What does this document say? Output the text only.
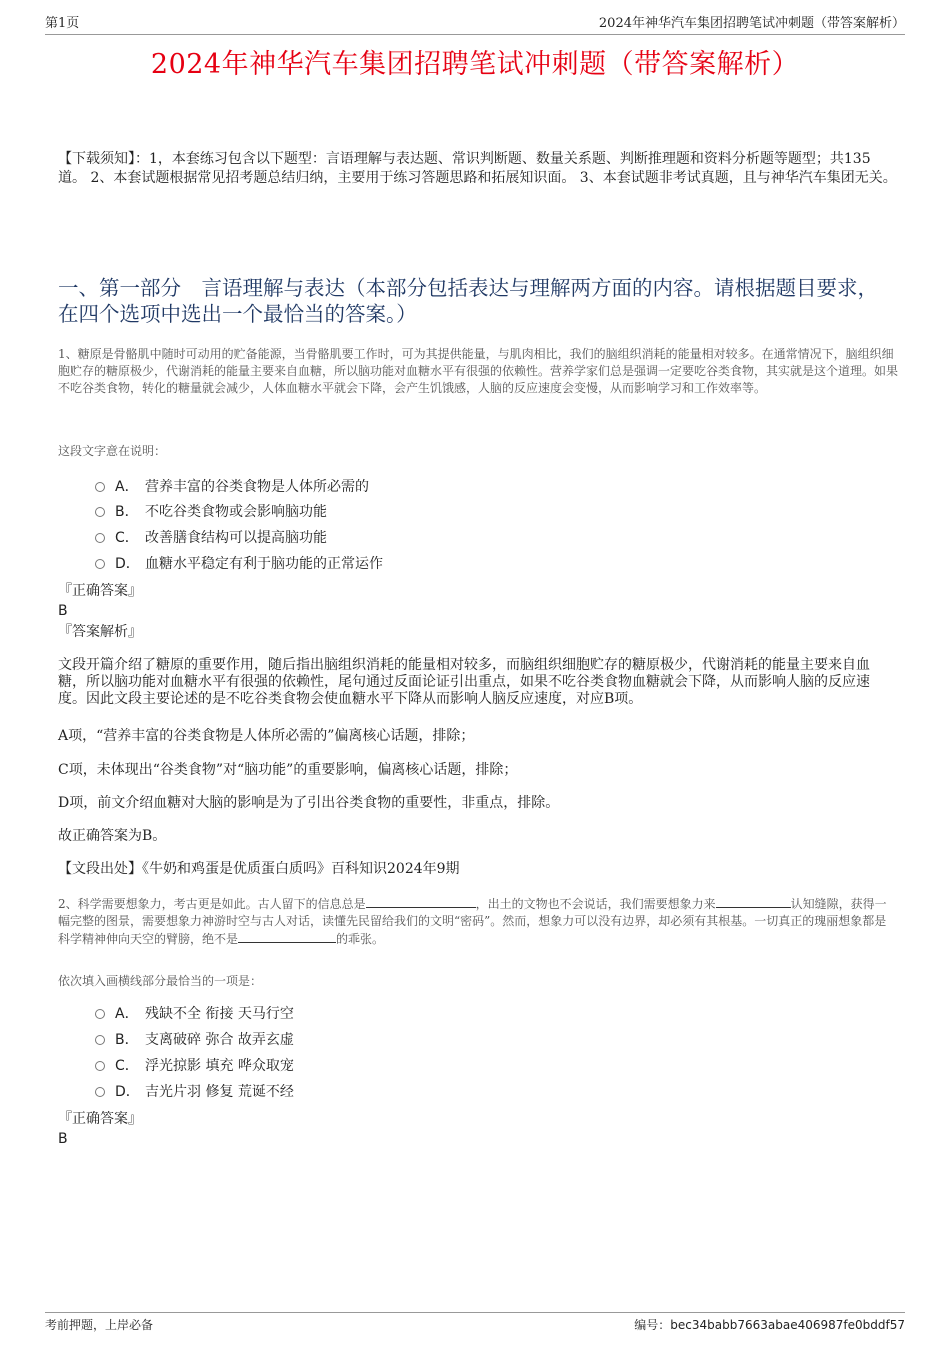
第1页	2024年神华汽车集团招聘笔试冲刺题（带答案解析）
2024年神华汽车集团招聘笔试冲刺题（带答案解析）
【下载须知】：1，本套练习包含以下题型：言语理解与表达题、常识判断题、数量关系题、判断推理题和资料分析题等题型；共135道。 2、本套试题根据常见招考题总结归纳，主要用于练习答题思路和拓展知识面。 3、本套试题非考试真题，且与神华汽车集团无关。
一、第一部分　言语理解与表达（本部分包括表达与理解两方面的内容。请根据题目要求，在四个选项中选出一个最恰当的答案。）
1、糖原是骨骼肌中随时可动用的贮备能源，当骨骼肌要工作时，可为其提供能量，与肌肉相比，我们的脑组织消耗的能量相对较多。在通常情况下，脑组织细胞贮存的糖原极少，代谢消耗的能量主要来自血糖，所以脑功能对血糖水平有很强的依赖性。营养学家们总是强调一定要吃谷类食物，其实就是这个道理。如果不吃谷类食物，转化的糖量就会减少，人体血糖水平就会下降，会产生饥饿感，人脑的反应速度会变慢，从而影响学习和工作效率等。
这段文字意在说明：
A． 营养丰富的谷类食物是人体所必需的
B． 不吃谷类食物或会影响脑功能
C． 改善膳食结构可以提高脑功能
D． 血糖水平稳定有利于脑功能的正常运作
『正确答案』
B
『答案解析』
文段开篇介绍了糖原的重要作用，随后指出脑组织消耗的能量相对较多，而脑组织细胞贮存的糖原极少，代谢消耗的能量主要来自血糖，所以脑功能对血糖水平有很强的依赖性，尾句通过反面论证引出重点，如果不吃谷类食物血糖就会下降，从而影响人脑的反应速度。因此文段主要论述的是不吃谷类食物会使血糖水平下降从而影响人脑反应速度，对应B项。
A项，“营养丰富的谷类食物是人体所必需的”偏离核心话题，排除；
C项，未体现出“谷类食物”对“脑功能”的重要影响，偏离核心话题，排除；
D项，前文介绍血糖对大脑的影响是为了引出谷类食物的重要性，非重点，排除。
故正确答案为B。
【文段出处】《牛奶和鸡蛋是优质蛋白质吗》百科知识2024年9期
2、科学需要想象力，考古更是如此。古人留下的信息总是	，出土的文物也不会说话，我们需要想象力来	认知缝隙，获得一幅完整的图景，需要想象力神游时空与古人对话，读懂先民留给我们的文明“密码”。然而，想象力可以没有边界，却必须有其根基。一切真正的瑰丽想象都是科学精神伸向天空的臂膀，绝不是	的乖张。
依次填入画横线部分最恰当的一项是：
A． 残缺不全 衔接 天马行空
B． 支离破碎 弥合 故弄玄虚
C． 浮光掠影 填充 哗众取宠
D． 吉光片羽 修复 荒诞不经
『正确答案』
B
考前押题，上岸必备	编号：bec34babb7663abae406987fe0bddf57
